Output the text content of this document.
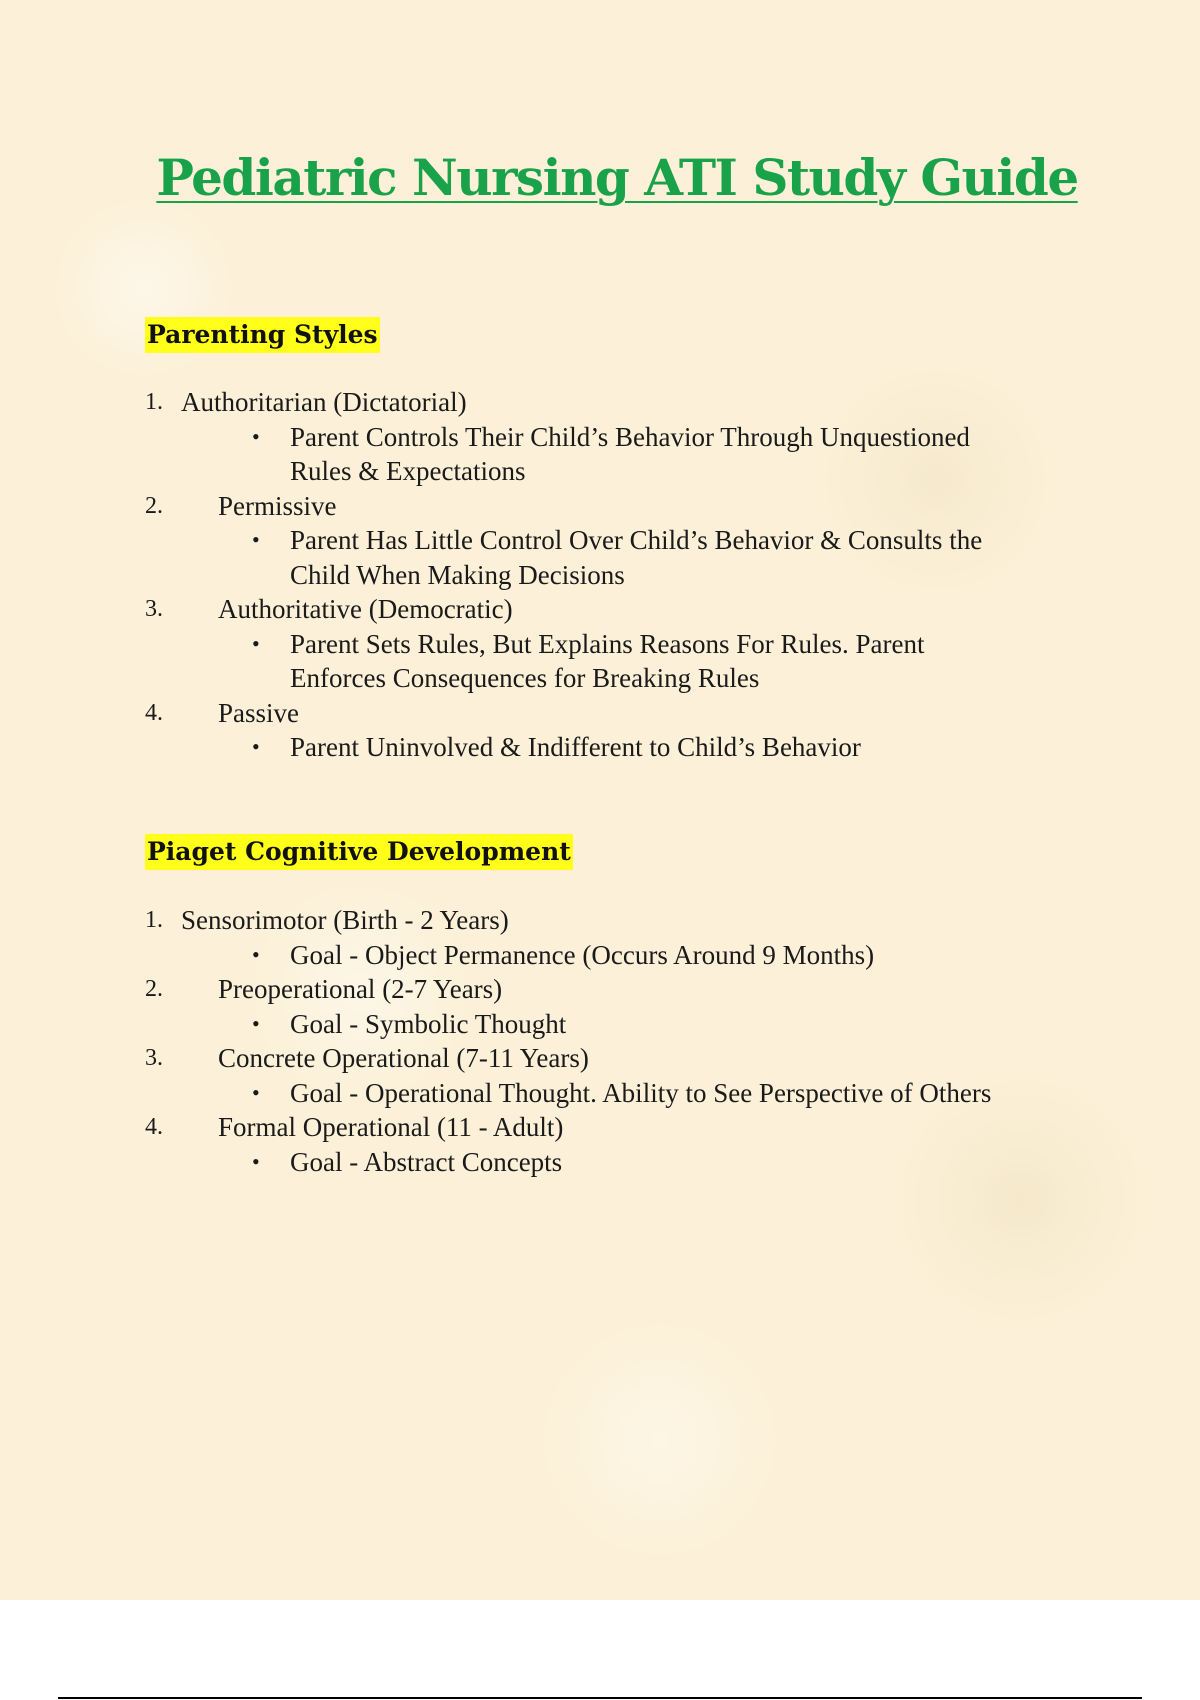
Pediatric Nursing ATI Study Guide
Parenting Styles
1. Authoritarian (Dictatorial)
• Parent Controls Their Child’s Behavior Through Unquestioned
Rules & Expectations
2. Permissive
• Parent Has Little Control Over Child’s Behavior & Consults the
Child When Making Decisions
3. Authoritative (Democratic)
• Parent Sets Rules, But Explains Reasons For Rules. Parent
Enforces Consequences for Breaking Rules
4. Passive
• Parent Uninvolved & Indifferent to Child’s Behavior
Piaget Cognitive Development
1. Sensorimotor (Birth - 2 Years)
• Goal - Object Permanence (Occurs Around 9 Months)
2. Preoperational (2-7 Years)
• Goal - Symbolic Thought
3. Concrete Operational (7-11 Years)
• Goal - Operational Thought. Ability to See Perspective of Others
4. Formal Operational (11 - Adult)
• Goal - Abstract Concepts
